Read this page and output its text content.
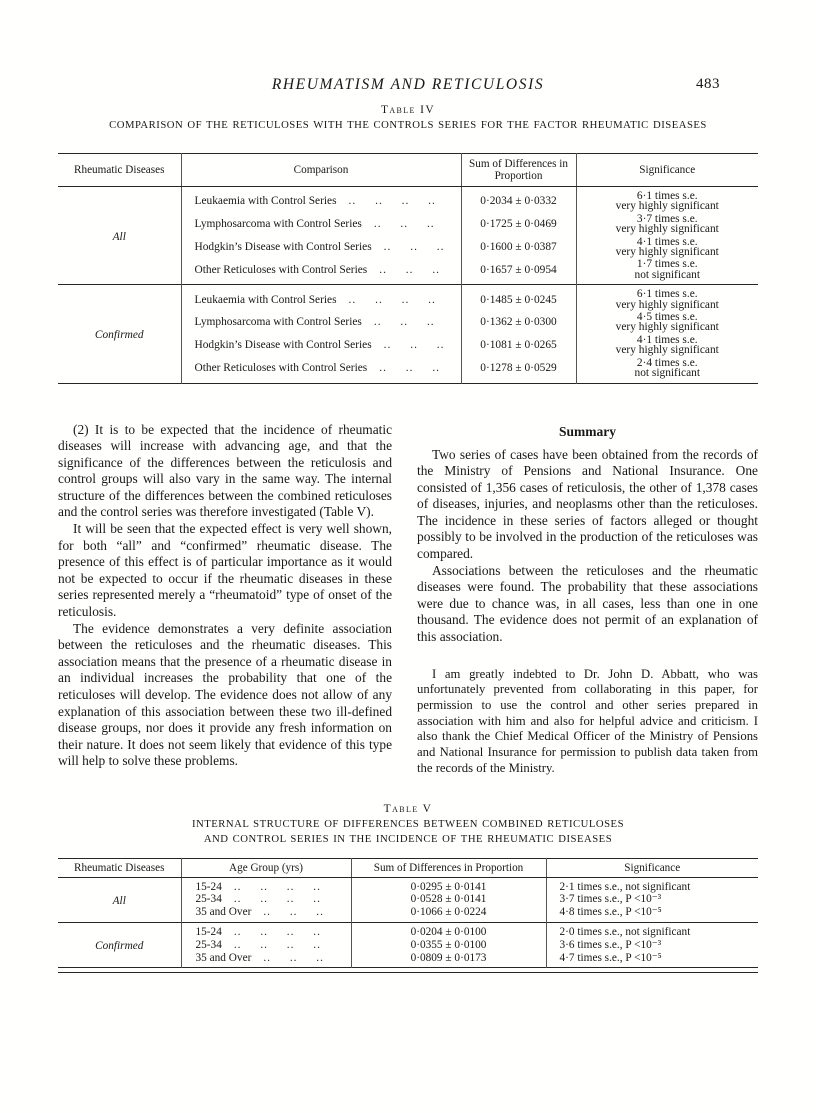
RHEUMATISM AND RETICULOSIS	483
Table IV
COMPARISON OF THE RETICULOSES WITH THE CONTROLS SERIES FOR THE FACTOR RHEUMATIC DISEASES
Rheumatic Diseases	Comparison	Sum of Differences in Proportion	Significance
All	Leukaemia with Control Series .. .. .. ..	0·2034 ± 0·0332	6·1 times s.e.
very highly significant

	Lymphosarcoma with Control Series .. .. ..	0·1725 ± 0·0469	3·7 times s.e.
very highly significant

	Hodgkin’s Disease with Control Series .. .. ..	0·1600 ± 0·0387	4·1 times s.e.
very highly significant

	Other Reticuloses with Control Series .. .. ..	0·1657 ± 0·0954	1·7 times s.e.
not significant

Confirmed	Leukaemia with Control Series .. .. .. ..	0·1485 ± 0·0245	6·1 times s.e.
very highly significant

	Lymphosarcoma with Control Series .. .. ..	0·1362 ± 0·0300	4·5 times s.e.
very highly significant

	Hodgkin’s Disease with Control Series .. .. ..	0·1081 ± 0·0265	4·1 times s.e.
very highly significant

	Other Reticuloses with Control Series .. .. ..	0·1278 ± 0·0529	2·4 times s.e.
not significant

(2) It is to be expected that the incidence of rheumatic diseases will increase with advancing age, and that the significance of the differences between the reticulosis and control groups will also vary in the same way. The internal structure of the differences between the combined reticuloses and the control series was therefore investigated (Table V).

It will be seen that the expected effect is very well shown, for both “all” and “confirmed” rheumatic disease. The presence of this effect is of particular importance as it would not be expected to occur if the rheumatic diseases in these series represented merely a “rheumatoid” type of onset of the reticulosis.

The evidence demonstrates a very definite association between the reticuloses and the rheumatic diseases. This association means that the presence of a rheumatic disease in an individual increases the probability that one of the reticuloses will develop. The evidence does not allow of any explanation of this association between these two ill-defined disease groups, nor does it provide any fresh information on their nature. It does not seem likely that evidence of this type will help to solve these problems.

Summary

Two series of cases have been obtained from the records of the Ministry of Pensions and National Insurance. One consisted of 1,356 cases of reticulosis, the other of 1,378 cases of diseases, injuries, and neoplasms other than the reticuloses. The incidence in these series of factors alleged or thought possibly to be involved in the production of the reticuloses was compared.

Associations between the reticuloses and the rheumatic diseases were found. The probability that these associations were due to chance was, in all cases, less than one in one thousand. The evidence does not permit of an explanation of this association.

I am greatly indebted to Dr. John D. Abbatt, who was unfortunately prevented from collaborating in this paper, for permission to use the control and other series prepared in association with him and also for helpful advice and criticism. I also thank the Chief Medical Officer of the Ministry of Pensions and National Insurance for permission to publish data taken from the records of the Ministry.

Table V
INTERNAL STRUCTURE OF DIFFERENCES BETWEEN COMBINED RETICULOSES
AND CONTROL SERIES IN THE INCIDENCE OF THE RHEUMATIC DISEASES
Rheumatic Diseases	Age Group (yrs)	Sum of Differences in Proportion	Significance
All	15-24 .. .. .. ..	0·0295 ± 0·0141	2·1 times s.e., not significant
	25-34 .. .. .. ..	0·0528 ± 0·0141	3·7 times s.e., P <10⁻³
	35 and Over .. .. ..	0·1066 ± 0·0224	4·8 times s.e., P <10⁻⁵
Confirmed	15-24 .. .. .. ..	0·0204 ± 0·0100	2·0 times s.e., not significant
	25-34 .. .. .. ..	0·0355 ± 0·0100	3·6 times s.e., P <10⁻³
	35 and Over .. .. ..	0·0809 ± 0·0173	4·7 times s.e., P <10⁻⁵
